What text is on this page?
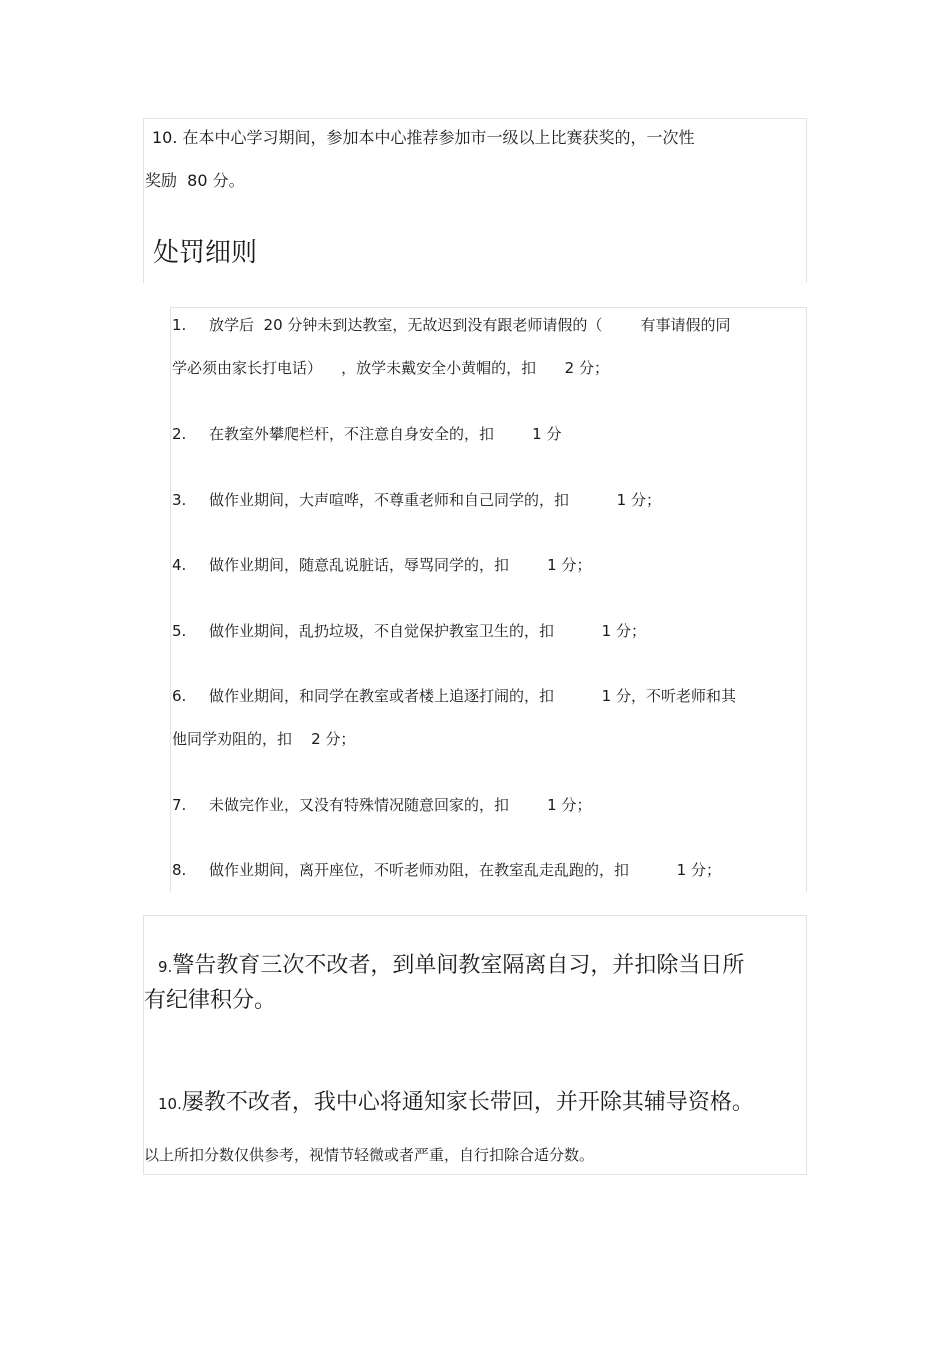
10. 在本中心学习期间，参加本中心推荐参加市一级以上比赛获奖的，一次性
奖励  80 分。
处罚细则
1. 放学后  20 分钟未到达教室，无故迟到没有跟老师请假的（        有事请假的同
学必须由家长打电话）    ，放学未戴安全小黄帽的，扣      2 分；
2. 在教室外攀爬栏杆，不注意自身安全的，扣        1 分
3. 做作业期间，大声喧哗，不尊重老师和自己同学的，扣          1 分；
4. 做作业期间，随意乱说脏话，辱骂同学的，扣        1 分；
5. 做作业期间，乱扔垃圾，不自觉保护教室卫生的，扣          1 分；
6. 做作业期间，和同学在教室或者楼上追逐打闹的，扣          1 分，不听老师和其
他同学劝阻的，扣    2 分；
7. 未做完作业，又没有特殊情况随意回家的，扣        1 分；
8. 做作业期间，离开座位，不听老师劝阻，在教室乱走乱跑的，扣          1 分；

9.警告教育三次不改者，到单间教室隔离自习，并扣除当日所

有纪律积分。

10.屡教不改者，我中心将通知家长带回，并开除其辅导资格。

以上所扣分数仅供参考，视情节轻微或者严重，自行扣除合适分数。
